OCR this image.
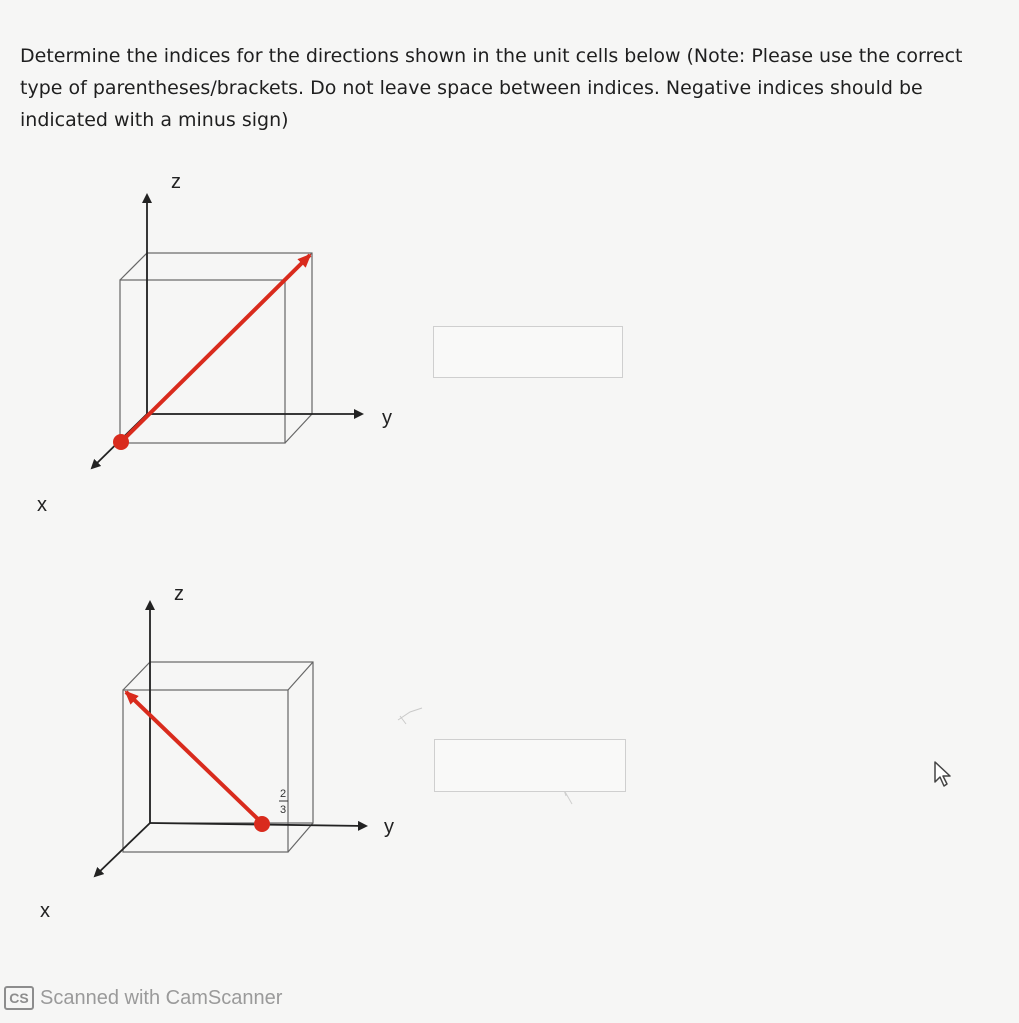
Determine the indices for the directions shown in the unit cells below (Note: Please use the correct type of parentheses/brackets. Do not leave space between indices. Negative indices should be indicated with a minus sign)

2
3
z
y
x
z
y
x
CS Scanned with CamScanner
